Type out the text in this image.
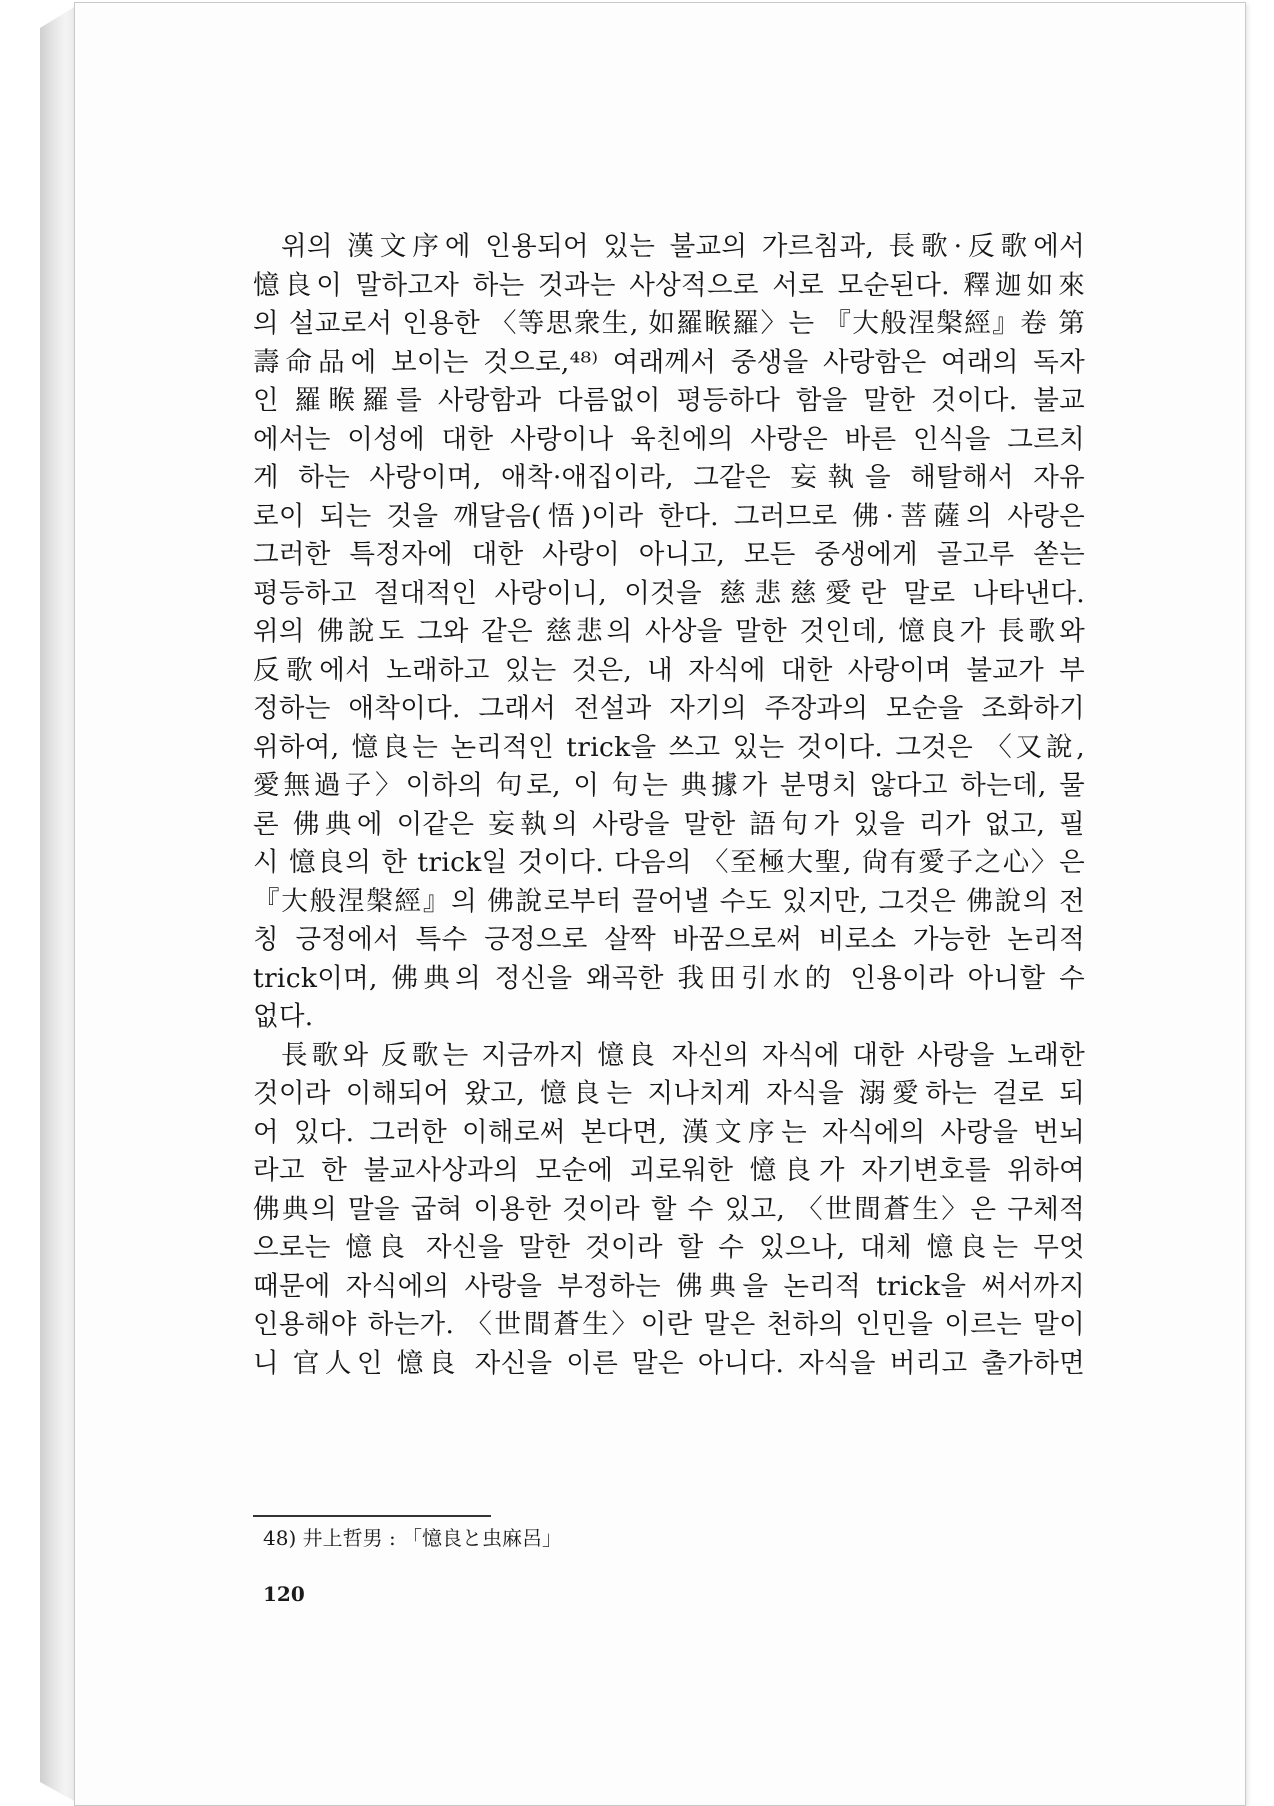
위의 漢文序에 인용되어 있는 불교의 가르침과, 長歌·反歌에서
憶良이 말하고자 하는 것과는 사상적으로 서로 모순된다. 釋迦如來
의 설교로서 인용한 〈等思衆生, 如羅睺羅〉는 『大般涅槃經』卷 第
壽命品에 보이는 것으로,⁴⁸⁾ 여래께서 중생을 사랑함은 여래의 독자
인 羅睺羅를 사랑함과 다름없이 평등하다 함을 말한 것이다. 불교
에서는 이성에 대한 사랑이나 육친에의 사랑은 바른 인식을 그르치
게 하는 사랑이며, 애착·애집이라, 그같은 妄執을 해탈해서 자유
로이 되는 것을 깨달음(悟)이라 한다. 그러므로 佛·菩薩의 사랑은
그러한 특정자에 대한 사랑이 아니고, 모든 중생에게 골고루 쏟는
평등하고 절대적인 사랑이니, 이것을 慈悲慈愛란 말로 나타낸다.
위의 佛說도 그와 같은 慈悲의 사상을 말한 것인데, 憶良가 長歌와
反歌에서 노래하고 있는 것은, 내 자식에 대한 사랑이며 불교가 부
정하는 애착이다. 그래서 전설과 자기의 주장과의 모순을 조화하기
위하여, 憶良는 논리적인 trick을 쓰고 있는 것이다. 그것은 〈又說,
愛無過子〉이하의 句로, 이 句는 典據가 분명치 않다고 하는데, 물
론 佛典에 이같은 妄執의 사랑을 말한 語句가 있을 리가 없고, 필
시 憶良의 한 trick일 것이다. 다음의 〈至極大聖, 尙有愛子之心〉은
『大般涅槃經』의 佛說로부터 끌어낼 수도 있지만, 그것은 佛說의 전
칭 긍정에서 특수 긍정으로 살짝 바꿈으로써 비로소 가능한 논리적
trick이며, 佛典의 정신을 왜곡한 我田引水的 인용이라 아니할 수
없다.
長歌와 反歌는 지금까지 憶良 자신의 자식에 대한 사랑을 노래한
것이라 이해되어 왔고, 憶良는 지나치게 자식을 溺愛하는 걸로 되
어 있다. 그러한 이해로써 본다면, 漢文序는 자식에의 사랑을 번뇌
라고 한 불교사상과의 모순에 괴로워한 憶良가 자기변호를 위하여
佛典의 말을 굽혀 이용한 것이라 할 수 있고, 〈世間蒼生〉은 구체적
으로는 憶良 자신을 말한 것이라 할 수 있으나, 대체 憶良는 무엇
때문에 자식에의 사랑을 부정하는 佛典을 논리적 trick을 써서까지
인용해야 하는가. 〈世間蒼生〉이란 말은 천하의 인민을 이르는 말이
니 官人인 憶良 자신을 이른 말은 아니다. 자식을 버리고 출가하면
48) 井上哲男 : 「憶良と虫麻呂」
120
